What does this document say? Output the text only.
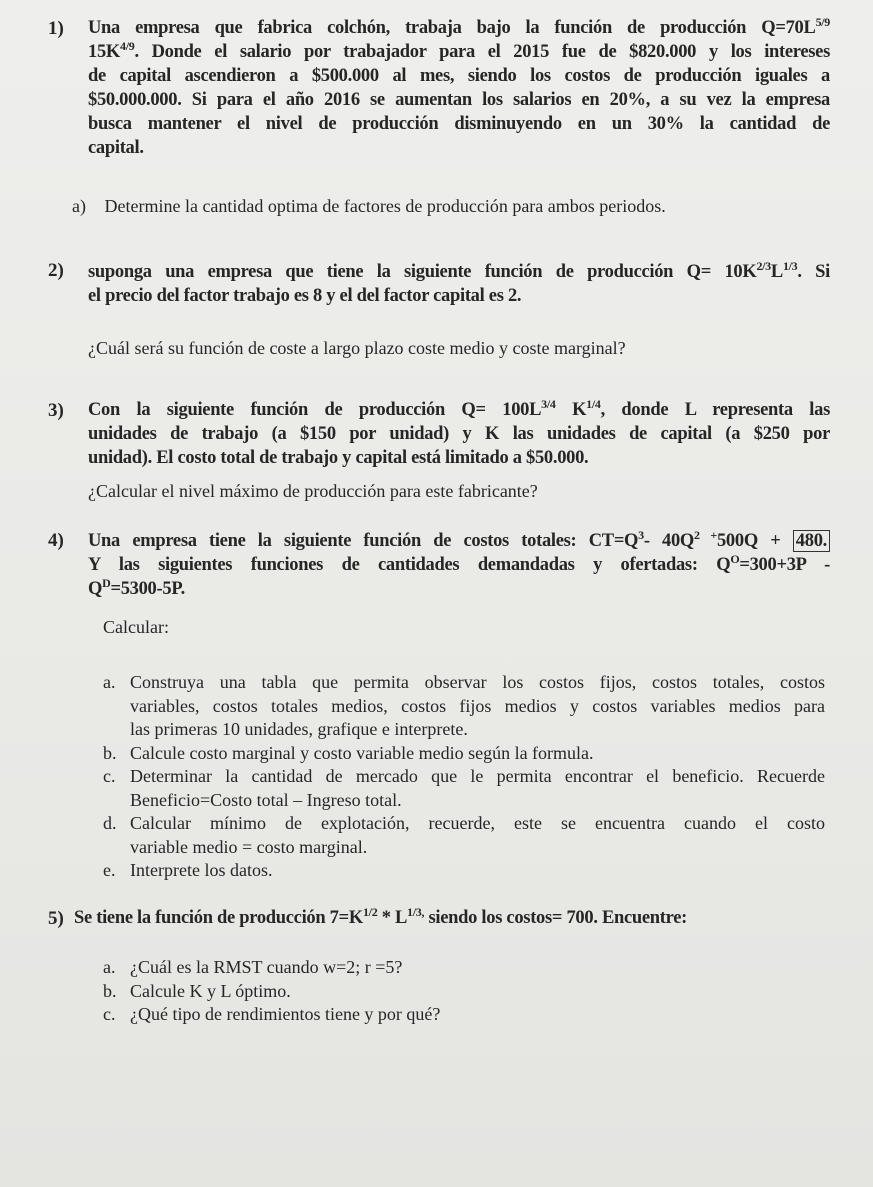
1) Una empresa que fabrica colchón, trabaja bajo la función de producción $Q=70L^{5/9}$
$15K^{4/9}$. Donde el salario por trabajador para el 2015 fue de $820.000 y los intereses
de capital ascendieron a $500.000 al mes, siendo los costos de producción iguales a
$50.000.000. Si para el año 2016 se aumentan los salarios en 20%, a su vez la empresa
busca mantener el nivel de producción disminuyendo en un 30% la cantidad de
capital.
a) Determine la cantidad optima de factores de producción para ambos periodos.
2) suponga una empresa que tiene la siguiente función de producción $Q= 10K^{2/3}L^{1/3}$. Si
el precio del factor trabajo es 8 y el del factor capital es 2.
¿Cuál será su función de coste a largo plazo coste medio y coste marginal?
3) Con la siguiente función de producción $Q= 100L^{3/4}$ $K^{1/4}$, donde L representa las
unidades de trabajo (a $150 por unidad) y K las unidades de capital (a $250 por
unidad). El costo total de trabajo y capital está limitado a $50.000.
¿Calcular el nivel máximo de producción para este fabricante?
4) Una empresa tiene la siguiente función de costos totales: $CT=Q^3-$ $40Q^{2 +}500Q + 480$.
Y las siguientes funciones de cantidades demandadas y ofertadas: $Q^O=300+3P$ -
$Q^D=5300-5P$.
Calcular:
a. Construya una tabla que permita observar los costos fijos, costos totales, costos
variables, costos totales medios, costos fijos medios y costos variables medios para
las primeras 10 unidades, grafique e interprete.
b. Calcule costo marginal y costo variable medio según la formula.
c. Determinar la cantidad de mercado que le permita encontrar el beneficio. Recuerde
Beneficio=Costo total – Ingreso total.
d. Calcular mínimo de explotación, recuerde, este se encuentra cuando el costo
variable medio = costo marginal.
e. Interprete los datos.
5) Se tiene la función de producción $7=K^{1/2} * L^{1/3,}$ siendo los costos= 700. Encuentre:
a. ¿Cuál es la RMST cuando w=2; r =5?
b. Calcule K y L óptimo.
c. ¿Qué tipo de rendimientos tiene y por qué?
